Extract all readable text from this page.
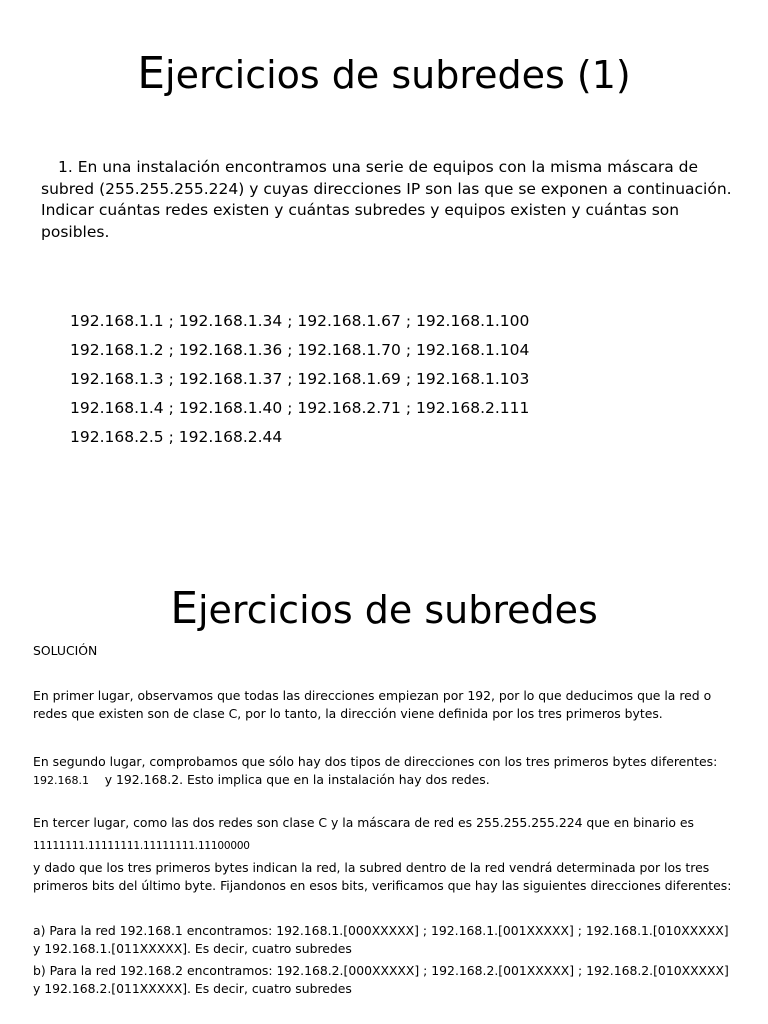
Ejercicios de subredes (1)

1. En una instalación encontramos una serie de equipos con la misma máscara de subred (255.255.255.224) y cuyas direcciones IP son las que se exponen a continuación. Indicar cuántas redes existen y cuántas subredes y equipos existen y cuántas son posibles.

192.168.1.1 ; 192.168.1.34 ; 192.168.1.67 ; 192.168.1.100
192.168.1.2 ; 192.168.1.36 ; 192.168.1.70 ; 192.168.1.104
192.168.1.3 ; 192.168.1.37 ; 192.168.1.69 ; 192.168.1.103
192.168.1.4 ; 192.168.1.40 ; 192.168.2.71 ; 192.168.2.111
192.168.2.5 ; 192.168.2.44
Ejercicios de subredes

SOLUCIÓN

En primer lugar, observamos que todas las direcciones empiezan por 192, por lo que deducimos que la red o redes que existen son de clase C, por lo tanto, la dirección viene definida por los tres primeros bytes.

En segundo lugar, comprobamos que sólo hay dos tipos de direcciones con los tres primeros bytes diferentes:
192.168.1 y 192.168.2. Esto implica que en la instalación hay dos redes.

En tercer lugar, como las dos redes son clase C y la máscara de red es 255.255.255.224 que en binario es

11111111.11111111.11111111.11100000

y dado que los tres primeros bytes indican la red, la subred dentro de la red vendrá determinada por los tres primeros bits del último byte. Fijandonos en esos bits, verificamos que hay las siguientes direcciones diferentes:

a) Para la red 192.168.1 encontramos: 192.168.1.[000XXXXX] ; 192.168.1.[001XXXXX] ; 192.168.1.[010XXXXX] y 192.168.1.[011XXXXX]. Es decir, cuatro subredes

b) Para la red 192.168.2 encontramos: 192.168.2.[000XXXXX] ; 192.168.2.[001XXXXX] ; 192.168.2.[010XXXXX] y 192.168.2.[011XXXXX]. Es decir, cuatro subredes
